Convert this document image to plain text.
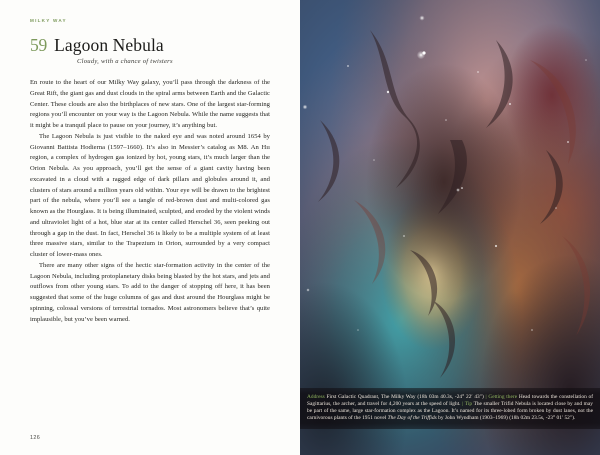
MILKY WAY
59 Lagoon Nebula
Cloudy, with a chance of twisters

En route to the heart of our Milky Way galaxy, you’ll pass through the darkness of the Great Rift, the giant gas and dust clouds in the spiral arms between Earth and the Galactic Center. These clouds are also the birthplaces of new stars. One of the largest star-forming regions you’ll encounter on your way is the Lagoon Nebula. While the name suggests that it might be a tranquil place to pause on your journey, it’s anything but.

The Lagoon Nebula is just visible to the naked eye and was noted around 1654 by Giovanni Battista Hodierna (1597–1660). It’s also in Messier’s catalog as M8. An Hıı region, a complex of hydrogen gas ionized by hot, young stars, it’s much larger than the Orion Nebula. As you approach, you’ll get the sense of a giant cavity having been excavated in a cloud with a ragged edge of dark pillars and globules around it, and clusters of stars around a million years old within. Your eye will be drawn to the brightest part of the nebula, where you’ll see a tangle of red-brown dust and multi-colored gas known as the Hourglass. It is being illuminated, sculpted, and eroded by the violent winds and ultraviolet light of a hot, blue star at its center called Herschel 36, seen peeking out through a gap in the dust. In fact, Herschel 36 is likely to be a multiple system of at least three massive stars, similar to the Trapezium in Orion, surrounded by a very compact cluster of lower-mass ones.

There are many other signs of the hectic star-formation activity in the center of the Lagoon Nebula, including protoplanetary disks being blasted by the hot stars, and jets and outflows from other young stars. To add to the danger of stopping off here, it has been suggested that some of the huge columns of gas and dust around the Hourglass might be spinning, colossal versions of terrestrial tornados. Most astronomers believe that’s quite implausible, but you’ve been warned.

126

Address First Galactic Quadrant, The Milky Way (18h 03m 40.3s, -24° 22′ 43″) | Getting there Head towards the constellation of Sagittarius, the archer, and travel for 4,200 years at the speed of light. | Tip The smaller Trifid Nebula is located close by and may be part of the same, large star-formation complex as the Lagoon. It’s named for its three-lobed form broken by dust lanes, not the carnivorous plants of the 1951 novel The Day of the Triffids by John Wyndham (1903–1969) (18h 02m 23.5s, -23° 01′ 52″).
